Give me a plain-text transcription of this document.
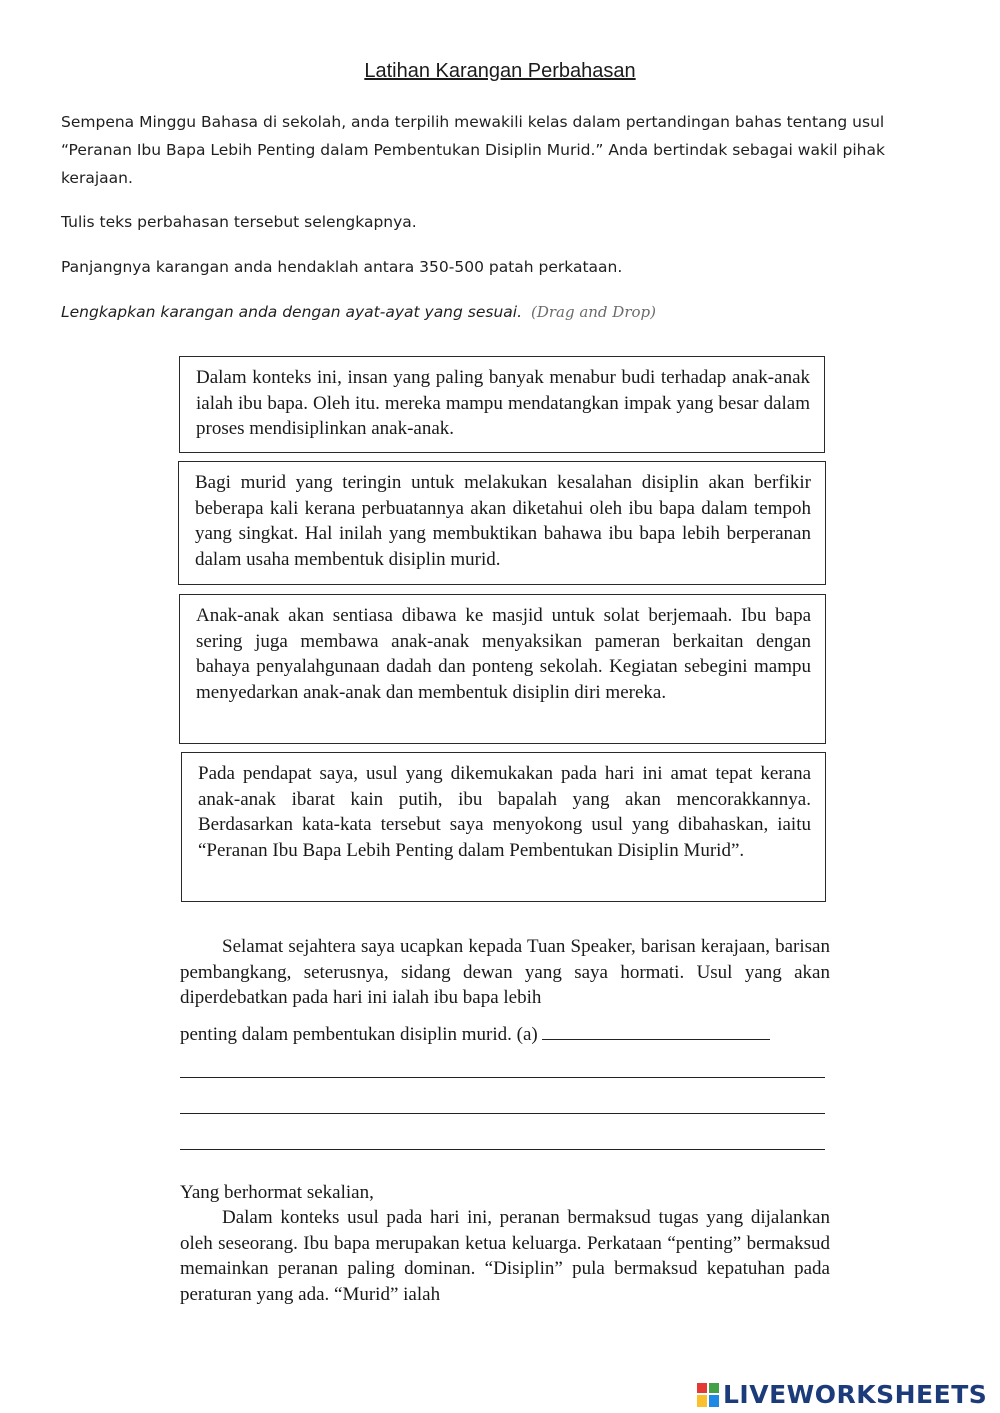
Latihan Karangan Perbahasan
Sempena Minggu Bahasa di sekolah, anda terpilih mewakili kelas dalam pertandingan bahas tentang usul “Peranan Ibu Bapa Lebih Penting dalam Pembentukan Disiplin Murid.” Anda bertindak sebagai wakil pihak kerajaan.
Tulis teks perbahasan tersebut selengkapnya.
Panjangnya karangan anda hendaklah antara 350-500 patah perkataan.
Lengkapkan karangan anda dengan ayat-ayat yang sesuai. (Drag and Drop)
Dalam konteks ini, insan yang paling banyak menabur budi terhadap anak-anak ialah ibu bapa. Oleh itu. mereka mampu mendatangkan impak yang besar dalam proses mendisiplinkan anak-anak.
Bagi murid yang teringin untuk melakukan kesalahan disiplin akan berfikir beberapa kali kerana perbuatannya akan diketahui oleh ibu bapa dalam tempoh yang singkat. Hal inilah yang membuktikan bahawa ibu bapa lebih berperanan dalam usaha membentuk disiplin murid.
Anak-anak akan sentiasa dibawa ke masjid untuk solat berjemaah. Ibu bapa sering juga membawa anak-anak menyaksikan pameran berkaitan dengan bahaya penyalahgunaan dadah dan ponteng sekolah. Kegiatan sebegini mampu menyedarkan anak-anak dan membentuk disiplin diri mereka.
Pada pendapat saya, usul yang dikemukakan pada hari ini amat tepat kerana anak-anak ibarat kain putih, ibu bapalah yang akan mencorakkannya. Berdasarkan kata-kata tersebut saya menyokong usul yang dibahaskan, iaitu “Peranan Ibu Bapa Lebih Penting dalam Pembentukan Disiplin Murid”.
Selamat sejahtera saya ucapkan kepada Tuan Speaker, barisan kerajaan, barisan pembangkang, seterusnya, sidang dewan yang saya hormati. Usul yang akan diperdebatkan pada hari ini ialah ibu bapa lebih
penting dalam pembentukan disiplin murid. (a)
Yang berhormat sekalian,
Dalam konteks usul pada hari ini, peranan bermaksud tugas yang dijalankan oleh seseorang. Ibu bapa merupakan ketua keluarga. Perkataan “penting” bermaksud memainkan peranan paling dominan. “Disiplin” pula bermaksud kepatuhan pada peraturan yang ada. “Murid” ialah
LIVEWORKSHEETS
